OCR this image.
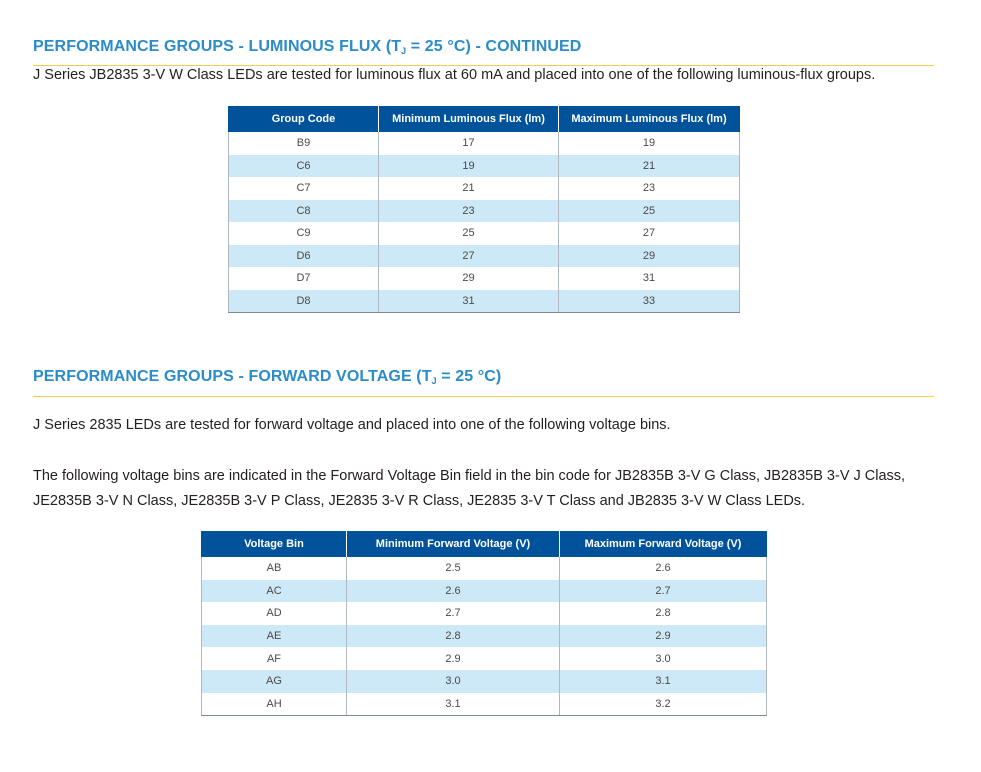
PERFORMANCE GROUPS - LUMINOUS FLUX ($T_J = 25$ °C) - CONTINUED
J Series JB2835 3-V W Class LEDs are tested for luminous flux at 60 mA and placed into one of the following luminous-flux groups.
Group Code	Minimum Luminous Flux (lm)	Maximum Luminous Flux (lm)
B9	17	19
C6	19	21
C7	21	23
C8	23	25
C9	25	27
D6	27	29
D7	29	31
D8	31	33
PERFORMANCE GROUPS - FORWARD VOLTAGE ($T_J = 25$ °C)
J Series 2835 LEDs are tested for forward voltage and placed into one of the following voltage bins.
The following voltage bins are indicated in the Forward Voltage Bin field in the bin code for JB2835B 3-V G Class, JB2835B 3-V J Class, JE2835B 3-V N Class, JE2835B 3-V P Class, JE2835 3-V R Class, JE2835 3-V T Class and JB2835 3-V W Class LEDs.
Voltage Bin	Minimum Forward Voltage (V)	Maximum Forward Voltage (V)
AB	2.5	2.6
AC	2.6	2.7
AD	2.7	2.8
AE	2.8	2.9
AF	2.9	3.0
AG	3.0	3.1
AH	3.1	3.2
